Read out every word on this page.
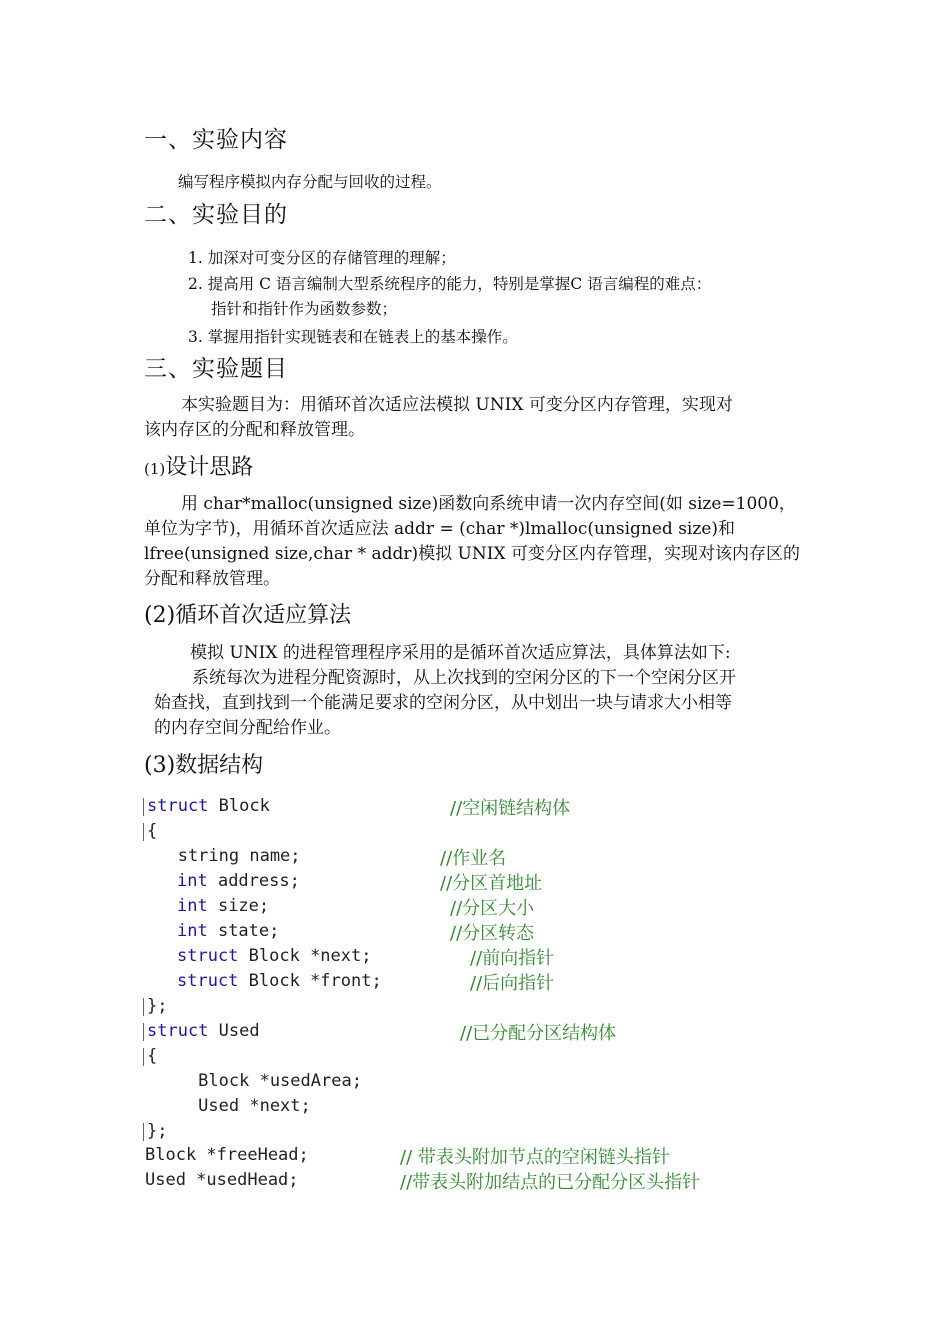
一、实验内容
编写程序模拟内存分配与回收的过程。
二、实验目的
1. 加深对可变分区的存储管理的理解；
2. 提高用 C 语言编制大型系统程序的能力，特别是掌握C 语言编程的难点：
指针和指针作为函数参数；
3. 掌握用指针实现链表和在链表上的基本操作。
三、实验题目
本实验题目为：用循环首次适应法模拟 UNIX 可变分区内存管理，实现对
该内存区的分配和释放管理。
(1)设计思路
用 char*malloc(unsigned size)函数向系统申请一次内存空间(如 size=1000，
单位为字节)，用循环首次适应法 addr = (char *)lmalloc(unsigned size)和
lfree(unsigned size,char * addr)模拟 UNIX 可变分区内存管理，实现对该内存区的
分配和释放管理。
(2)循环首次适应算法
模拟 UNIX 的进程管理程序采用的是循环首次适应算法，具体算法如下:
系统每次为进程分配资源时，从上次找到的空闲分区的下一个空闲分区开
始查找，直到找到一个能满足要求的空闲分区，从中划出一块与请求大小相等
的内存空间分配给作业。
(3)数据结构
struct Block	//空闲链结构体
{
string name;	//作业名
int address;	//分区首地址
int size;	//分区大小
int state;	//分区转态
struct Block *next;	//前向指针
struct Block *front;	//后向指针
};
struct Used	//已分配分区结构体
{
Block *usedArea;
Used *next;
};
Block *freeHead;	// 带表头附加节点的空闲链头指针
Used *usedHead;	//带表头附加结点的已分配分区头指针
